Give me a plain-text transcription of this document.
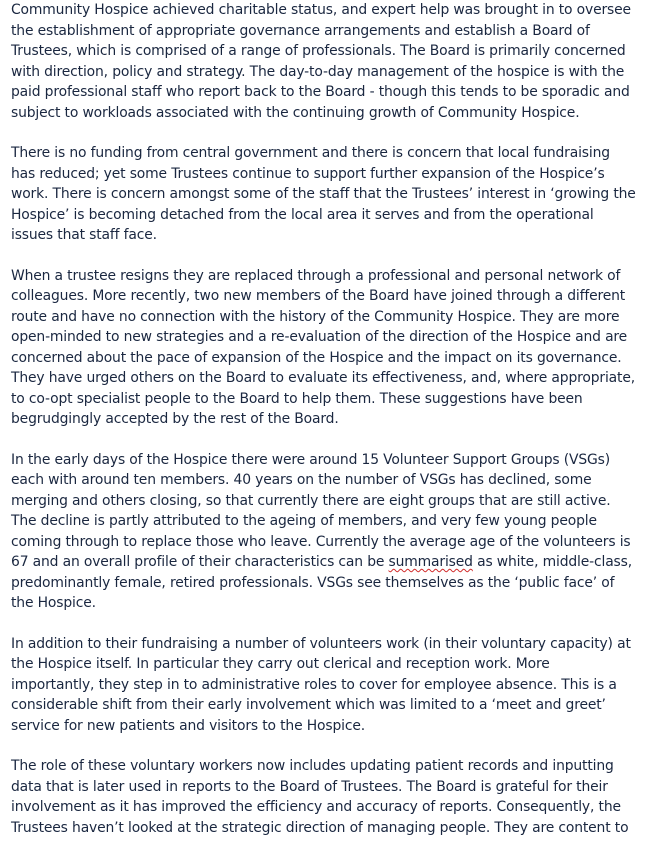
Community Hospice achieved charitable status, and expert help was brought in to oversee the establishment of appropriate governance arrangements and establish a Board of Trustees, which is comprised of a range of professionals. The Board is primarily concerned with direction, policy and strategy. The day-to-day management of the hospice is with the paid professional staff who report back to the Board - though this tends to be sporadic and subject to workloads associated with the continuing growth of Community Hospice.

There is no funding from central government and there is concern that local fundraising has reduced; yet some Trustees continue to support further expansion of the Hospice’s work. There is concern amongst some of the staff that the Trustees’ interest in ‘growing the Hospice’ is becoming detached from the local area it serves and from the operational issues that staff face.

When a trustee resigns they are replaced through a professional and personal network of colleagues. More recently, two new members of the Board have joined through a different route and have no connection with the history of the Community Hospice. They are more open-minded to new strategies and a re-evaluation of the direction of the Hospice and are concerned about the pace of expansion of the Hospice and the impact on its governance. They have urged others on the Board to evaluate its effectiveness, and, where appropriate, to co-opt specialist people to the Board to help them. These suggestions have been begrudgingly accepted by the rest of the Board.

In the early days of the Hospice there were around 15 Volunteer Support Groups (VSGs) each with around ten members. 40 years on the number of VSGs has declined, some merging and others closing, so that currently there are eight groups that are still active. The decline is partly attributed to the ageing of members, and very few young people coming through to replace those who leave. Currently the average age of the volunteers is 67 and an overall profile of their characteristics can be summarised as white, middle-class, predominantly female, retired professionals. VSGs see themselves as the ‘public face’ of the Hospice.

In addition to their fundraising a number of volunteers work (in their voluntary capacity) at the Hospice itself. In particular they carry out clerical and reception work. More importantly, they step in to administrative roles to cover for employee absence. This is a considerable shift from their early involvement which was limited to a ‘meet and greet’ service for new patients and visitors to the Hospice.

The role of these voluntary workers now includes updating patient records and inputting data that is later used in reports to the Board of Trustees. The Board is grateful for their involvement as it has improved the efficiency and accuracy of reports. Consequently, the Trustees haven’t looked at the strategic direction of managing people. They are content to
